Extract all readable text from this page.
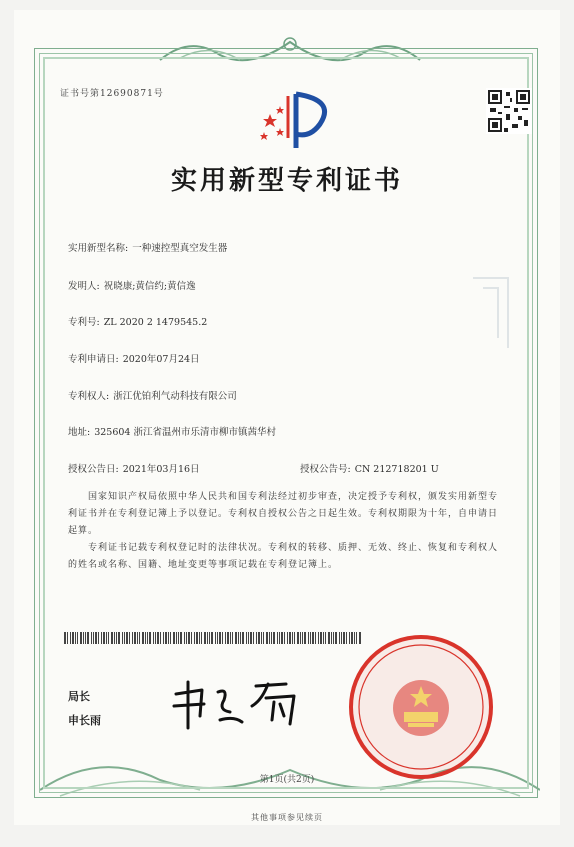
证书号第12690871号
实用新型专利证书
实用新型名称: 一种速控型真空发生器
发明人: 祝晓康;黄信约;黄信逸
专利号: ZL 2020 2 1479545.2
专利申请日: 2020年07月24日
专利权人: 浙江优铂利气动科技有限公司
地址: 325604 浙江省温州市乐清市柳市镇茜华村
授权公告日: 2021年03月16日	授权公告号: CN 212718201 U
国家知识产权局依照中华人民共和国专利法经过初步审查，决定授予专利权，颁发实用新型专利证书并在专利登记簿上予以登记。专利权自授权公告之日起生效。专利权期限为十年，自申请日起算。
专利证书记载专利权登记时的法律状况。专利权的转移、质押、无效、终止、恢复和专利权人的姓名或名称、国籍、地址变更等事项记载在专利登记簿上。
局长
申长雨
第1页(共2页)
其他事项参见续页
